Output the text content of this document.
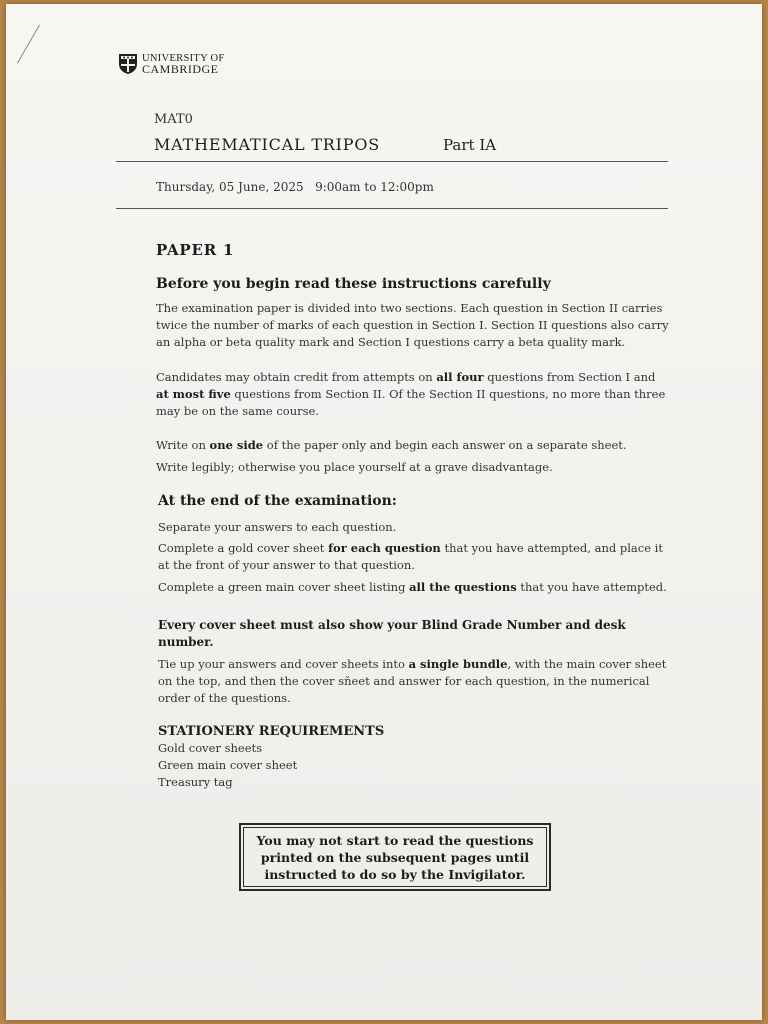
UNIVERSITY OF
CAMBRIDGE
MAT0
MATHEMATICAL TRIPOS	Part IA
Thursday, 05 June, 2025   9:00am to 12:00pm
PAPER 1
Before you begin read these instructions carefully

The examination paper is divided into two sections. Each question in Section II carries twice the number of marks of each question in Section I. Section II questions also carry an alpha or beta quality mark and Section I questions carry a beta quality mark.

Candidates may obtain credit from attempts on all four questions from Section I and at most five questions from Section II. Of the Section II questions, no more than three may be on the same course.

Write on one side of the paper only and begin each answer on a separate sheet.

Write legibly; otherwise you place yourself at a grave disadvantage.

At the end of the examination:

Separate your answers to each question.

Complete a gold cover sheet for each question that you have attempted, and place it at the front of your answer to that question.

Complete a green main cover sheet listing all the questions that you have attempted.

Every cover sheet must also show your Blind Grade Number and desk number.

Tie up your answers and cover sheets into a single bundle, with the main cover sheet on the top, and then the cover sňeet and answer for each question, in the numerical order of the questions.

STATIONERY REQUIREMENTS
Gold cover sheets
Green main cover sheet
Treasury tag
You may not start to read the questions printed on the subsequent pages until instructed to do so by the Invigilator.
